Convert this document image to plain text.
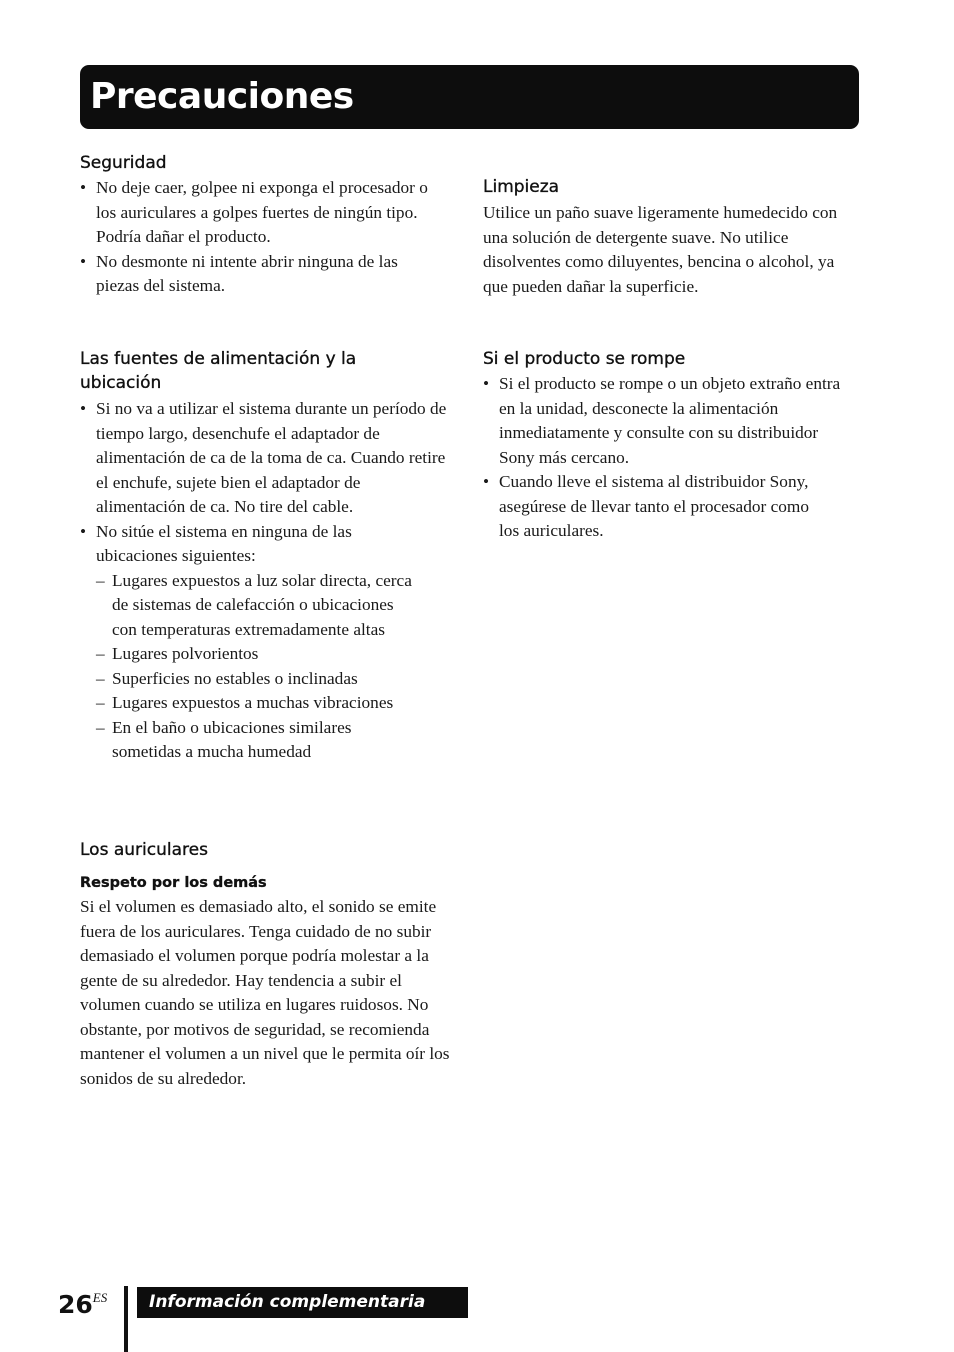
Precauciones
Seguridad
• No deje caer, golpee ni exponga el procesador o los auriculares a golpes fuertes de ningún tipo. Podría dañar el producto.
• No desmonte ni intente abrir ninguna de las piezas del sistema.
Las fuentes de alimentación y la
ubicación
• Si no va a utilizar el sistema durante un período de tiempo largo, desenchufe el adaptador de alimentación de ca de la toma de ca. Cuando retire el enchufe, sujete bien el adaptador de alimentación de ca. No tire del cable.
• No sitúe el sistema en ninguna de las ubicaciones siguientes:
– Lugares expuestos a luz solar directa, cerca de sistemas de calefacción o ubicaciones con temperaturas extremadamente altas
– Lugares polvorientos
– Superficies no estables o inclinadas
– Lugares expuestos a muchas vibraciones
– En el baño o ubicaciones similares sometidas a mucha humedad
Los auriculares
Respeto por los demás

Si el volumen es demasiado alto, el sonido se emite fuera de los auriculares. Tenga cuidado de no subir demasiado el volumen porque podría molestar a la gente de su alrededor. Hay tendencia a subir el volumen cuando se utiliza en lugares ruidosos. No obstante, por motivos de seguridad, se recomienda mantener el volumen a un nivel que le permita oír los sonidos de su alrededor.

Limpieza

Utilice un paño suave ligeramente humedecido con una solución de detergente suave. No utilice disolventes como diluyentes, bencina o alcohol, ya que pueden dañar la superficie.

Si el producto se rompe
• Si el producto se rompe o un objeto extraño entra en la unidad, desconecte la alimentación inmediatamente y consulte con su distribuidor Sony más cercano.
• Cuando lleve el sistema al distribuidor Sony, asegúrese de llevar tanto el procesador como los auriculares.
$26^{ES}$ Información complementaria
